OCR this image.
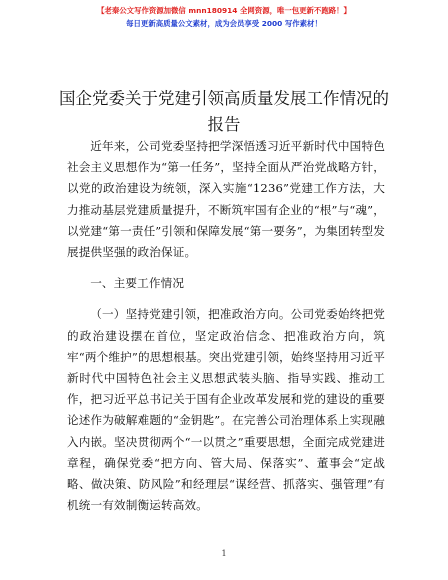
【老秦公文写作资源加微信 mnn180914 全网资源，唯一包更新不跑路！】
每日更新高质量公文素材，成为会员享受 2000 写作素材！
国企党委关于党建引领高质量发展工作情况的报告

近年来，公司党委坚持把学深悟透习近平新时代中国特色社会主义思想作为“第一任务”，坚持全面从严治党战略方针，以党的政治建设为统领，深入实施“1236”党建工作方法，大力推动基层党建质量提升，不断筑牢国有企业的“根”与“魂”，以党建“第一责任”引领和保障发展“第一要务”，为集团转型发展提供坚强的政治保证。

一、主要工作情况

（一）坚持党建引领，把准政治方向。公司党委始终把党的政治建设摆在首位，坚定政治信念、把准政治方向，筑牢“两个维护”的思想根基。突出党建引领，始终坚持用习近平新时代中国特色社会主义思想武装头脑、指导实践、推动工作，把习近平总书记关于国有企业改革发展和党的建设的重要论述作为破解难题的“金钥匙”。在完善公司治理体系上实现融入内嵌。坚决贯彻两个“一以贯之”重要思想，全面完成党建进章程，确保党委“把方向、管大局、保落实”、董事会“定战略、做决策、防风险”和经理层“谋经营、抓落实、强管理”有机统一有效制衡运转高效。

1
